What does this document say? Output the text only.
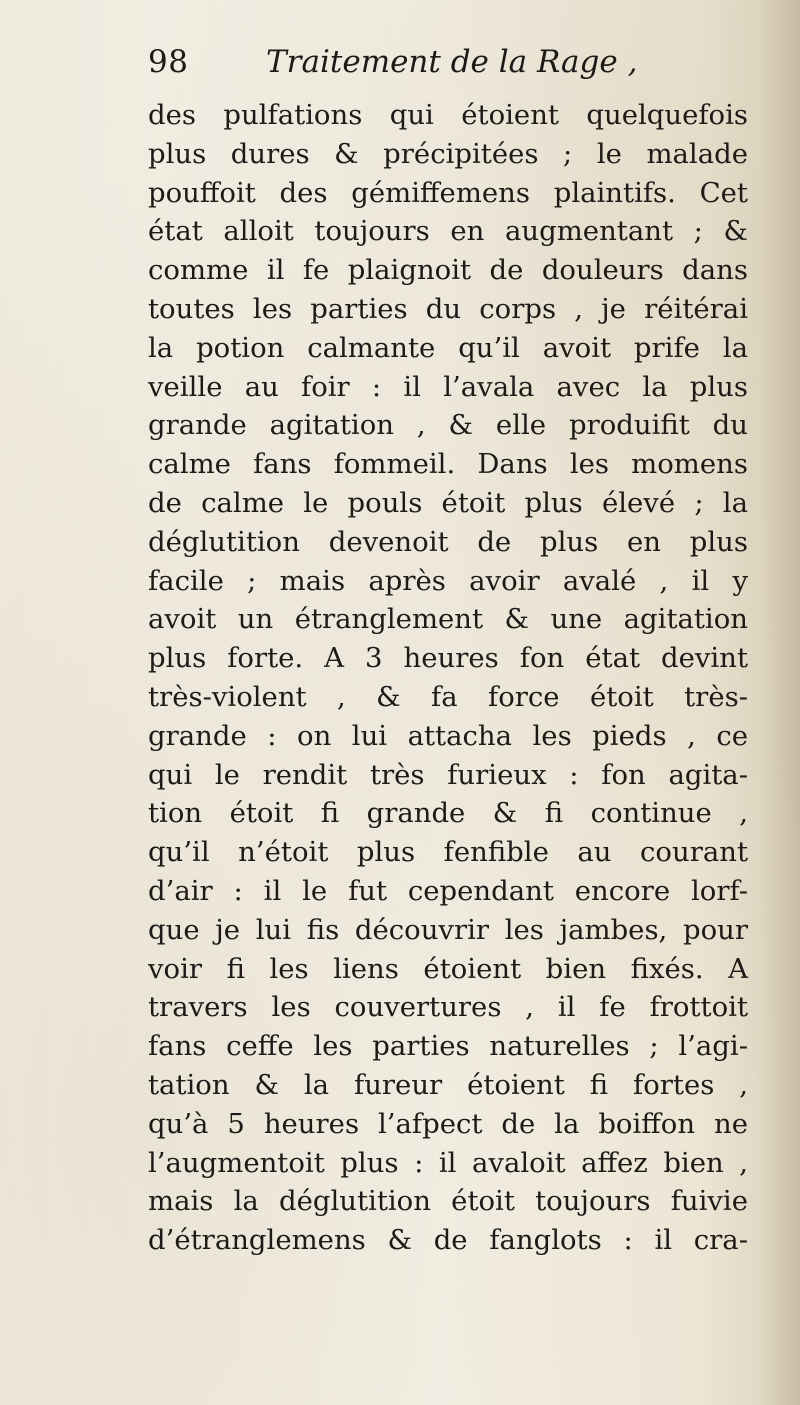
98	Traitement de la Rage ,
des pulfations qui étoient quelquefois
plus dures & précipitées ; le malade
pouffoit des gémiffemens plaintifs. Cet
état alloit toujours en augmentant ; &
comme il fe plaignoit de douleurs dans
toutes les parties du corps , je réitérai
la potion calmante qu’il avoit prife la
veille au foir : il l’avala avec la plus
grande agitation , & elle produifit du
calme fans fommeil. Dans les momens
de calme le pouls étoit plus élevé ; la
déglutition devenoit de plus en plus
facile ; mais après avoir avalé , il y
avoit un étranglement & une agitation
plus forte. A 3 heures fon état devint
très-violent , & fa force étoit très-
grande : on lui attacha les pieds , ce
qui le rendit très furieux : fon agita-
tion étoit fi grande & fi continue ,
qu’il n’étoit plus fenfible au courant
d’air : il le fut cependant encore lorf-
que je lui fis découvrir les jambes, pour
voir fi les liens étoient bien fixés. A
travers les couvertures , il fe frottoit
fans ceffe les parties naturelles ; l’agi-
tation & la fureur étoient fi fortes ,
qu’à 5 heures l’afpect de la boiffon ne
l’augmentoit plus : il avaloit affez bien ,
mais la déglutition étoit toujours fuivie
d’étranglemens & de fanglots : il cra-
